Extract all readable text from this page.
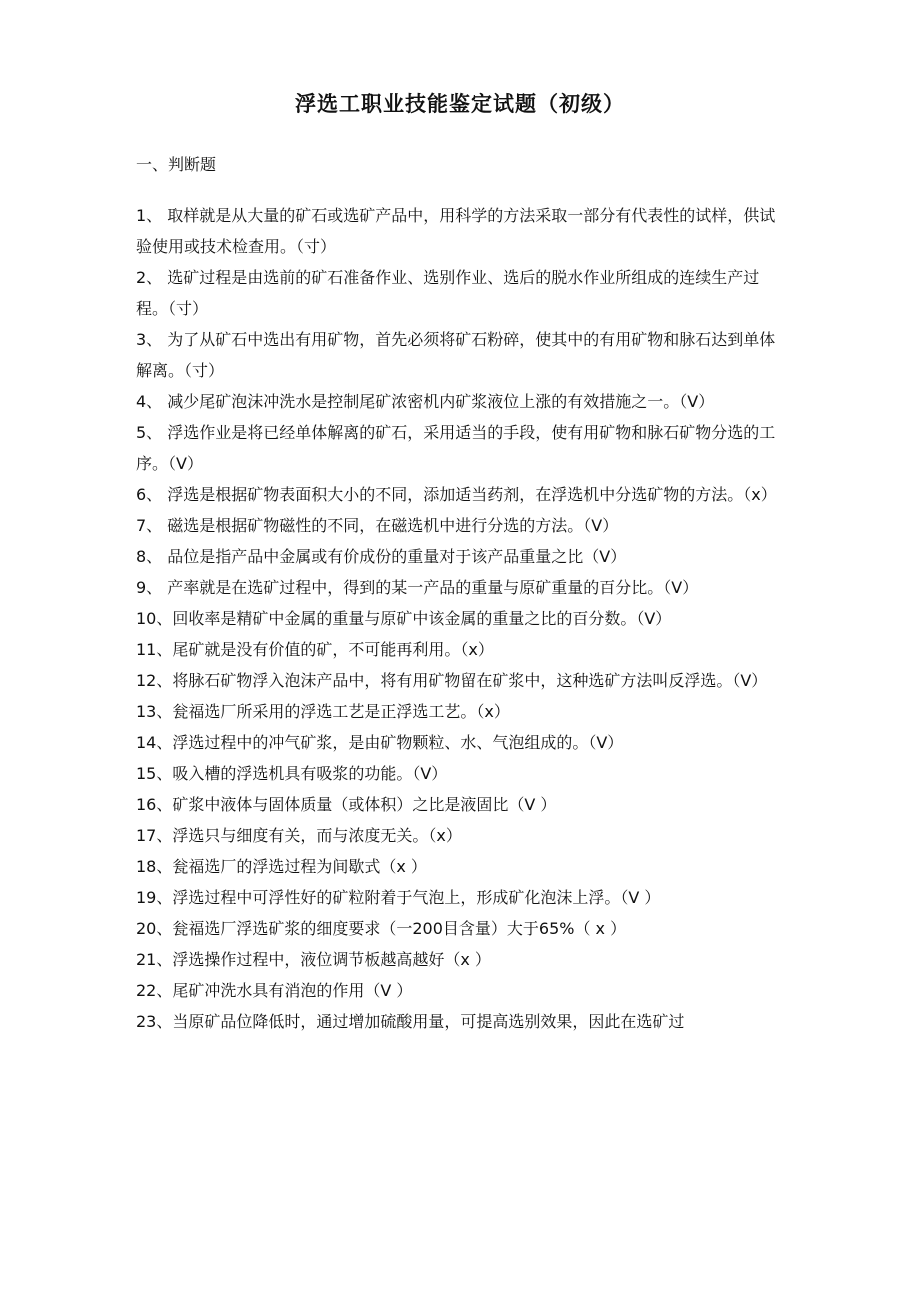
浮选工职业技能鉴定试题（初级）
一、判断题
1、 取样就是从大量的矿石或选矿产品中，用科学的方法采取一部分有代表性的试样，供试验使用或技术检查用。（寸）
2、 选矿过程是由选前的矿石准备作业、选别作业、选后的脱水作业所组成的连续生产过程。（寸）
3、 为了从矿石中选出有用矿物，首先必须将矿石粉碎，使其中的有用矿物和脉石达到单体解离。（寸）
4、 减少尾矿泡沫冲洗水是控制尾矿浓密机内矿浆液位上涨的有效措施之一。（V）
5、 浮选作业是将已经单体解离的矿石，采用适当的手段，使有用矿物和脉石矿物分选的工序。（V）
6、 浮选是根据矿物表面积大小的不同，添加适当药剂，在浮选机中分选矿物的方法。（x）
7、 磁选是根据矿物磁性的不同，在磁选机中进行分选的方法。（V）
8、 品位是指产品中金属或有价成份的重量对于该产品重量之比（V）
9、 产率就是在选矿过程中，得到的某一产品的重量与原矿重量的百分比。（V）
10、回收率是精矿中金属的重量与原矿中该金属的重量之比的百分数。（V）
11、尾矿就是没有价值的矿，不可能再利用。（x）
12、将脉石矿物浮入泡沫产品中，将有用矿物留在矿浆中，这种选矿方法叫反浮选。（V）
13、瓮福选厂所采用的浮选工艺是正浮选工艺。（x）
14、浮选过程中的冲气矿浆，是由矿物颗粒、水、气泡组成的。（V）
15、吸入槽的浮选机具有吸浆的功能。（V）
16、矿浆中液体与固体质量（或体积）之比是液固比（V ）
17、浮选只与细度有关，而与浓度无关。（x）
18、瓮福选厂的浮选过程为间歇式（x ）
19、浮选过程中可浮性好的矿粒附着于气泡上，形成矿化泡沫上浮。（V ）
20、瓮福选厂浮选矿浆的细度要求（一200目含量）大于65%（ x ）
21、浮选操作过程中，液位调节板越高越好（x ）
22、尾矿冲洗水具有消泡的作用（V ）
23、当原矿品位降低时，通过增加硫酸用量，可提高选别效果，因此在选矿过
